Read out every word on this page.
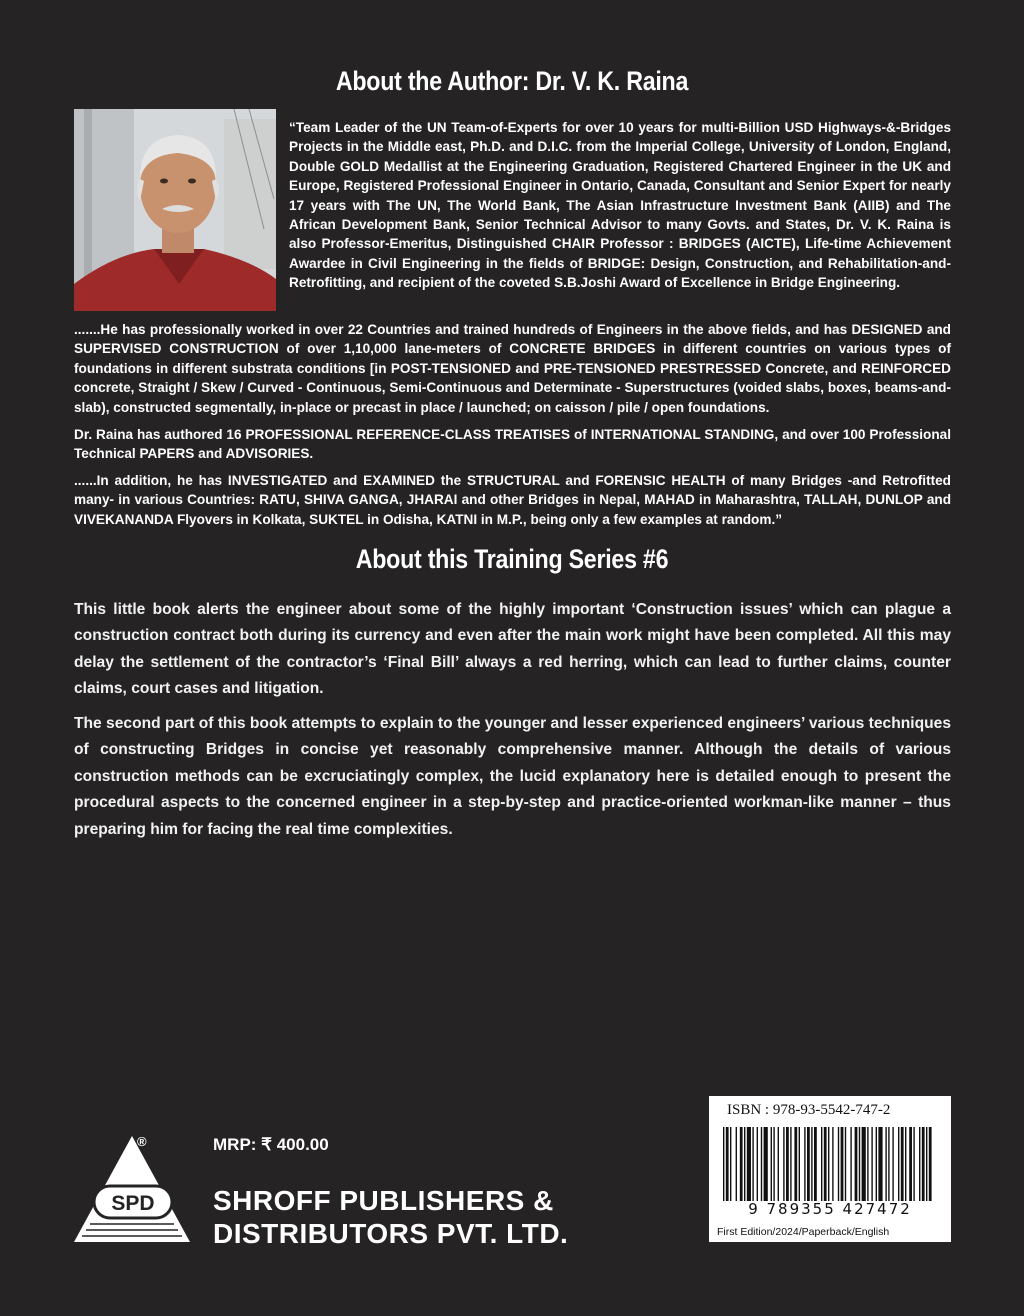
About the Author: Dr. V. K. Raina

“Team Leader of the UN Team-of-Experts for over 10 years for multi-Billion USD Highways-&-Bridges Projects in the Middle east, Ph.D. and D.I.C. from the Imperial College, University of London, England, Double GOLD Medallist at the Engineering Graduation, Registered Chartered Engineer in the UK and Europe, Registered Professional Engineer in Ontario, Canada, Consultant and Senior Expert for nearly 17 years with The UN, The World Bank, The Asian Infrastructure Investment Bank (AIIB) and The African Development Bank, Senior Technical Advisor to many Govts. and States, Dr. V. K. Raina is also Professor-Emeritus, Distinguished CHAIR Professor : BRIDGES (AICTE), Life-time Achievement Awardee in Civil Engineering in the fields of BRIDGE: Design, Construction, and Rehabilitation-and-Retrofitting, and recipient of the coveted S.B.Joshi Award of Excellence in Bridge Engineering.

.......He has professionally worked in over 22 Countries and trained hundreds of Engineers in the above fields, and has DESIGNED and SUPERVISED CONSTRUCTION of over 1,10,000 lane-meters of CONCRETE BRIDGES in different countries on various types of foundations in different substrata conditions [in POST-TENSIONED and PRE-TENSIONED PRESTRESSED Concrete, and REINFORCED concrete, Straight / Skew / Curved - Continuous, Semi-Continuous and Determinate - Superstructures (voided slabs, boxes, beams-and-slab), constructed segmentally, in-place or precast in place / launched; on caisson / pile / open foundations.

Dr. Raina has authored 16 PROFESSIONAL REFERENCE-CLASS TREATISES of INTERNATIONAL STANDING, and over 100 Professional Technical PAPERS and ADVISORIES.

......In addition, he has INVESTIGATED and EXAMINED the STRUCTURAL and FORENSIC HEALTH of many Bridges -and Retrofitted many- in various Countries: RATU, SHIVA GANGA, JHARAI and other Bridges in Nepal, MAHAD in Maharashtra, TALLAH, DUNLOP and VIVEKANANDA Flyovers in Kolkata, SUKTEL in Odisha, KATNI in M.P., being only a few examples at random.”

About this Training Series #6

This little book alerts the engineer about some of the highly important ‘Construction issues’ which can plague a construction contract both during its currency and even after the main work might have been completed. All this may delay the settlement of the contractor’s ‘Final Bill’ always a red herring, which can lead to further claims, counter claims, court cases and litigation.

The second part of this book attempts to explain to the younger and lesser experienced engineers’ various techniques of constructing Bridges in concise yet reasonably comprehensive manner. Although the details of various construction methods can be excruciatingly complex, the lucid explanatory here is detailed enough to present the procedural aspects to the concerned engineer in a step-by-step and practice-oriented workman-like manner – thus preparing him for facing the real time complexities.

SPD
®	MRP: ₹ 400.00
SHROFF PUBLISHERS &
DISTRIBUTORS PVT. LTD.
ISBN : 978-93-5542-747-2
9 789355 427472
First Edition/2024/Paperback/English
